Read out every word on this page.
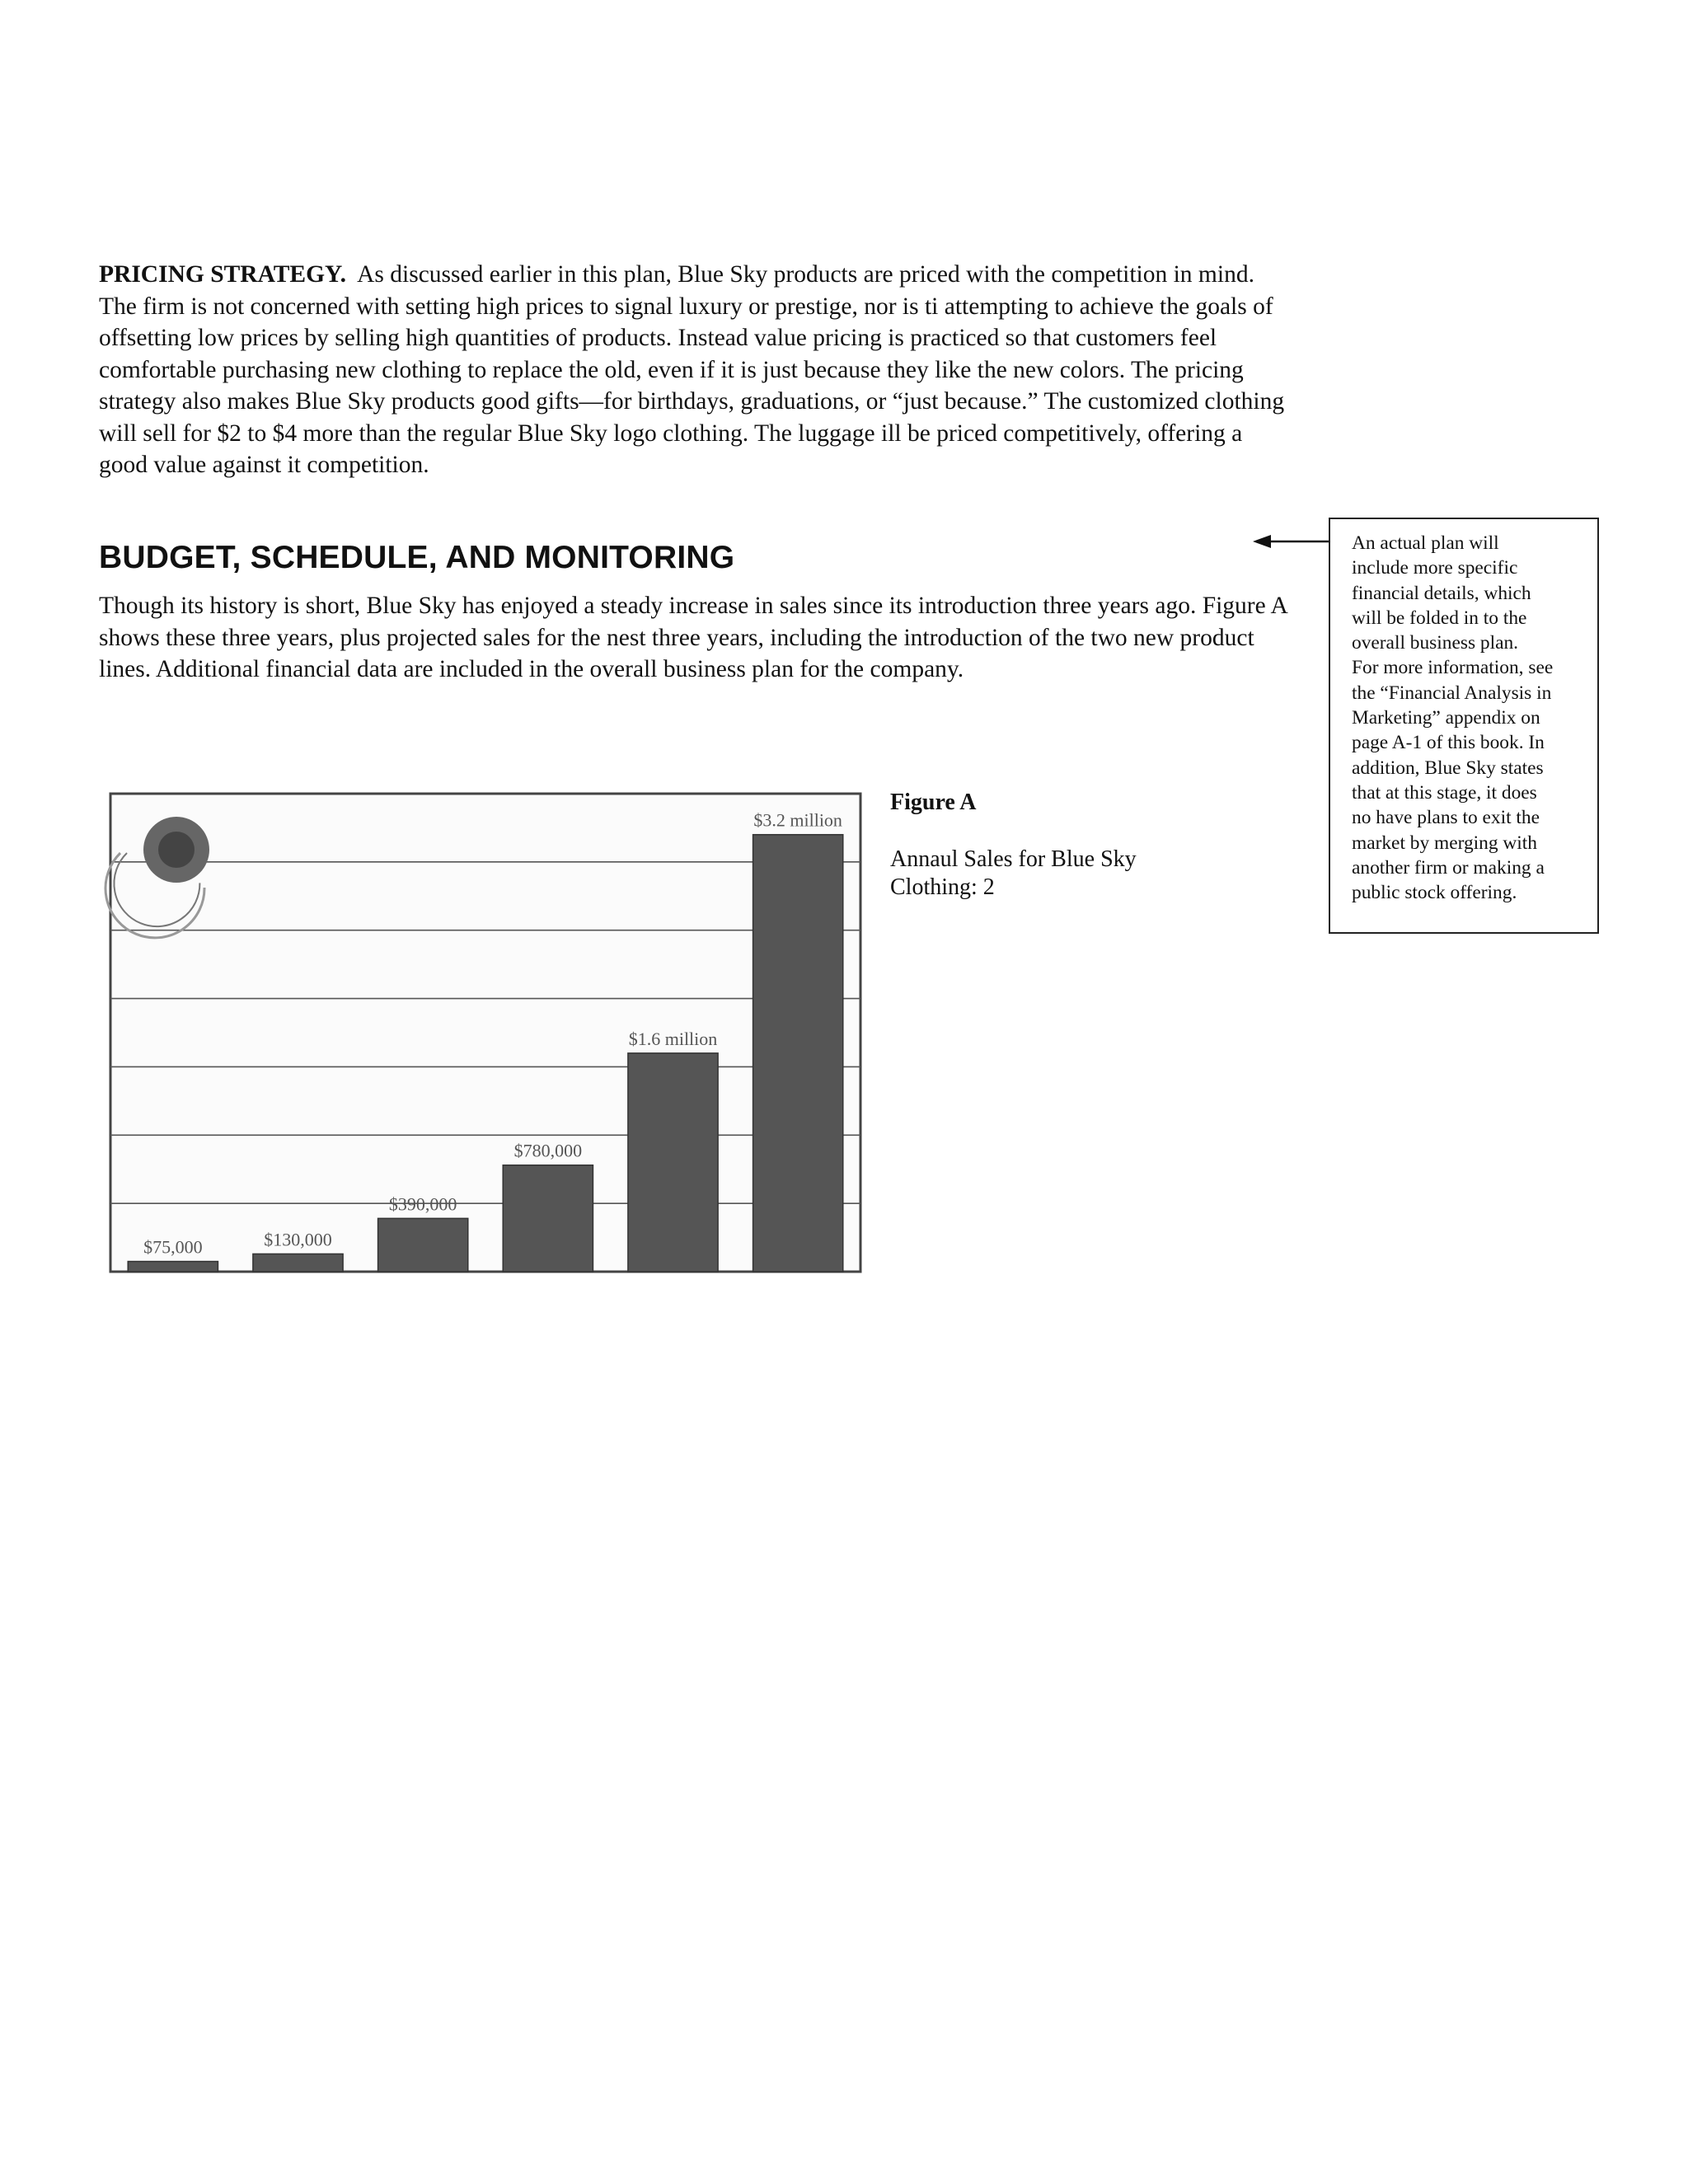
PRICING STRATEGY. As discussed earlier in this plan, Blue Sky products are priced with the competition in mind. The firm is not concerned with setting high prices to signal luxury or prestige, nor is ti attempting to achieve the goals of offsetting low prices by selling high quantities of products. Instead value pricing is practiced so that customers feel comfortable purchasing new clothing to replace the old, even if it is just because they like the new colors. The pricing strategy also makes Blue Sky products good gifts—for birthdays, graduations, or “just because.” The customized clothing will sell for $2 to $4 more than the regular Blue Sky logo clothing. The luggage ill be priced competitively, offering a good value against it competition.
BUDGET, SCHEDULE, AND MONITORING
Though its history is short, Blue Sky has enjoyed a steady increase in sales since its introduction three years ago. Figure A shows these three years, plus projected sales for the nest three years, including the introduction of the two new product lines. Additional financial data are included in the overall business plan for the company.
An actual plan will
include more specific
financial details, which
will be folded in to the
overall business plan.
For more information, see
the “Financial Analysis in
Marketing” appendix on
page A-1 of this book. In
addition, Blue Sky states
that at this stage, it does
no have plans to exit the
market by merging with
another firm or making a
public stock offering.
$75,000	$130,000
$390,000
$780,000
$1.6 million
$3.2 million
Figure A
Annaul Sales for Blue Sky
Clothing: 2
